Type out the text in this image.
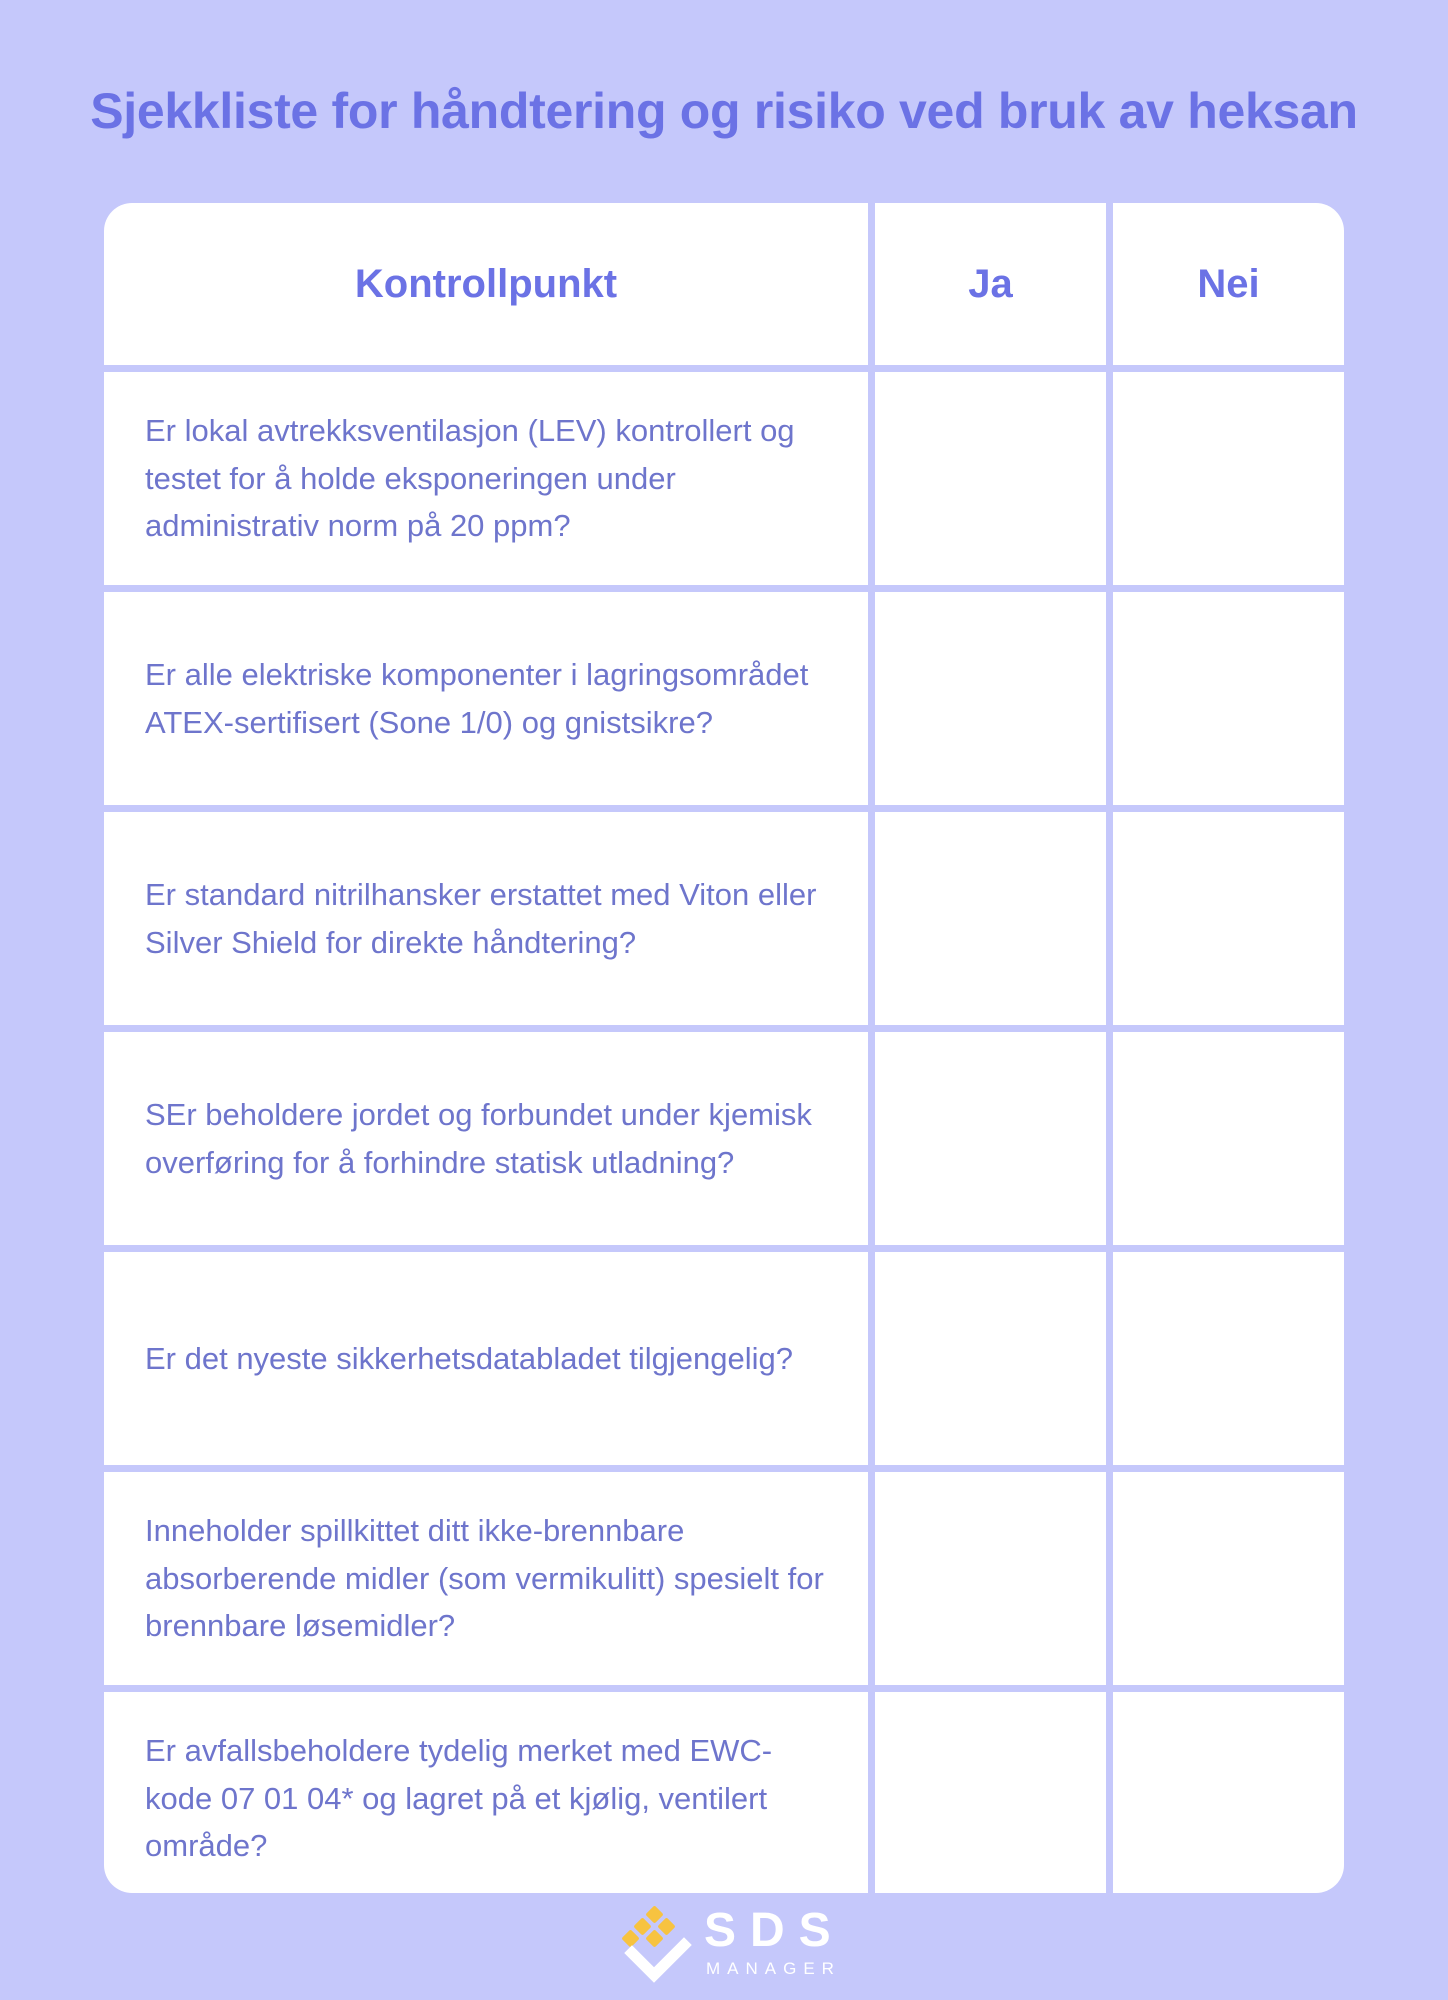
Sjekkliste for håndtering og risiko ved bruk av heksan
Kontrollpunkt	Ja	Nei
Er lokal avtrekksventilasjon (LEV) kontrollert og testet for å holde eksponeringen under administrativ norm på 20 ppm?
Er alle elektriske komponenter i lagringsområdet ATEX-sertifisert (Sone 1/0) og gnistsikre?
Er standard nitrilhansker erstattet med Viton eller Silver Shield for direkte håndtering?
SEr beholdere jordet og forbundet under kjemisk overføring for å forhindre statisk utladning?
Er det nyeste sikkerhetsdatabladet tilgjengelig?
Inneholder spillkittet ditt ikke-brennbare absorberende midler (som vermikulitt) spesielt for brennbare løsemidler?
Er avfallsbeholdere tydelig merket med EWC-kode 07 01 04* og lagret på et kjølig, ventilert område?
SDS
MANAGER
